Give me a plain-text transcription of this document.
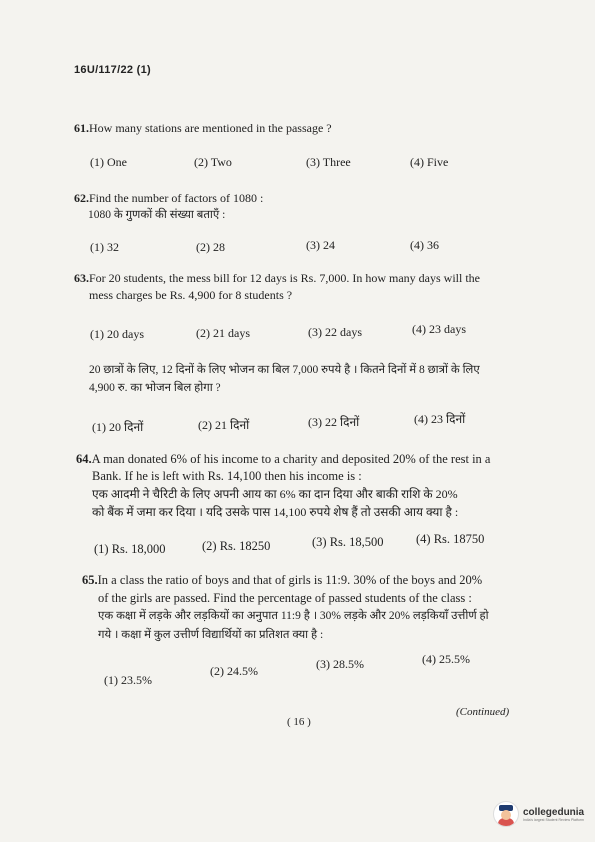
16U/117/22 (1)
61.How many stations are mentioned in the passage ?
(1) One	(2) Two	(3) Three	(4) Five
62.Find the number of factors of 1080 :
1080 के गुणकों की संख्या बताएँ :
(1) 32	(2) 28	(3) 24	(4) 36
63.For 20 students, the mess bill for 12 days is Rs. 7,000. In how many days will the
mess charges be Rs. 4,900 for 8 students ?
(1) 20 days	(2) 21 days	(3) 22 days	(4) 23 days
20 छात्रों के लिए, 12 दिनों के लिए भोजन का बिल 7,000 रुपये है । कितने दिनों में 8 छात्रों के लिए
4,900 रु. का भोजन बिल होगा ?
(1) 20 दिनों	(2) 21 दिनों	(3) 22 दिनों	(4) 23 दिनों
64.A man donated 6% of his income to a charity and deposited 20% of the rest in a
Bank. If he is left with Rs. 14,100 then his income is :
एक आदमी ने चैरिटी के लिए अपनी आय का 6% का दान दिया और बाकी राशि के 20%
को बैंक में जमा कर दिया । यदि उसके पास 14,100 रुपये शेष हैं तो उसकी आय क्या है :
(1) Rs. 18,000	(2) Rs. 18250	(3) Rs. 18,500	(4) Rs. 18750
65.In a class the ratio of boys and that of girls is 11:9. 30% of the boys and 20%
of the girls are passed. Find the percentage of passed students of the class :
एक कक्षा में लड़के और लड़कियों का अनुपात 11:9 है । 30% लड़के और 20% लड़कियाँ उत्तीर्ण हो
गये । कक्षा में कुल उत्तीर्ण विद्यार्थियों का प्रतिशत क्या है :
(1) 23.5%
(2) 24.5%	(3) 28.5%	(4) 25.5%
(Continued)
( 16 )
collegedunia
India's largest Student Review Platform
